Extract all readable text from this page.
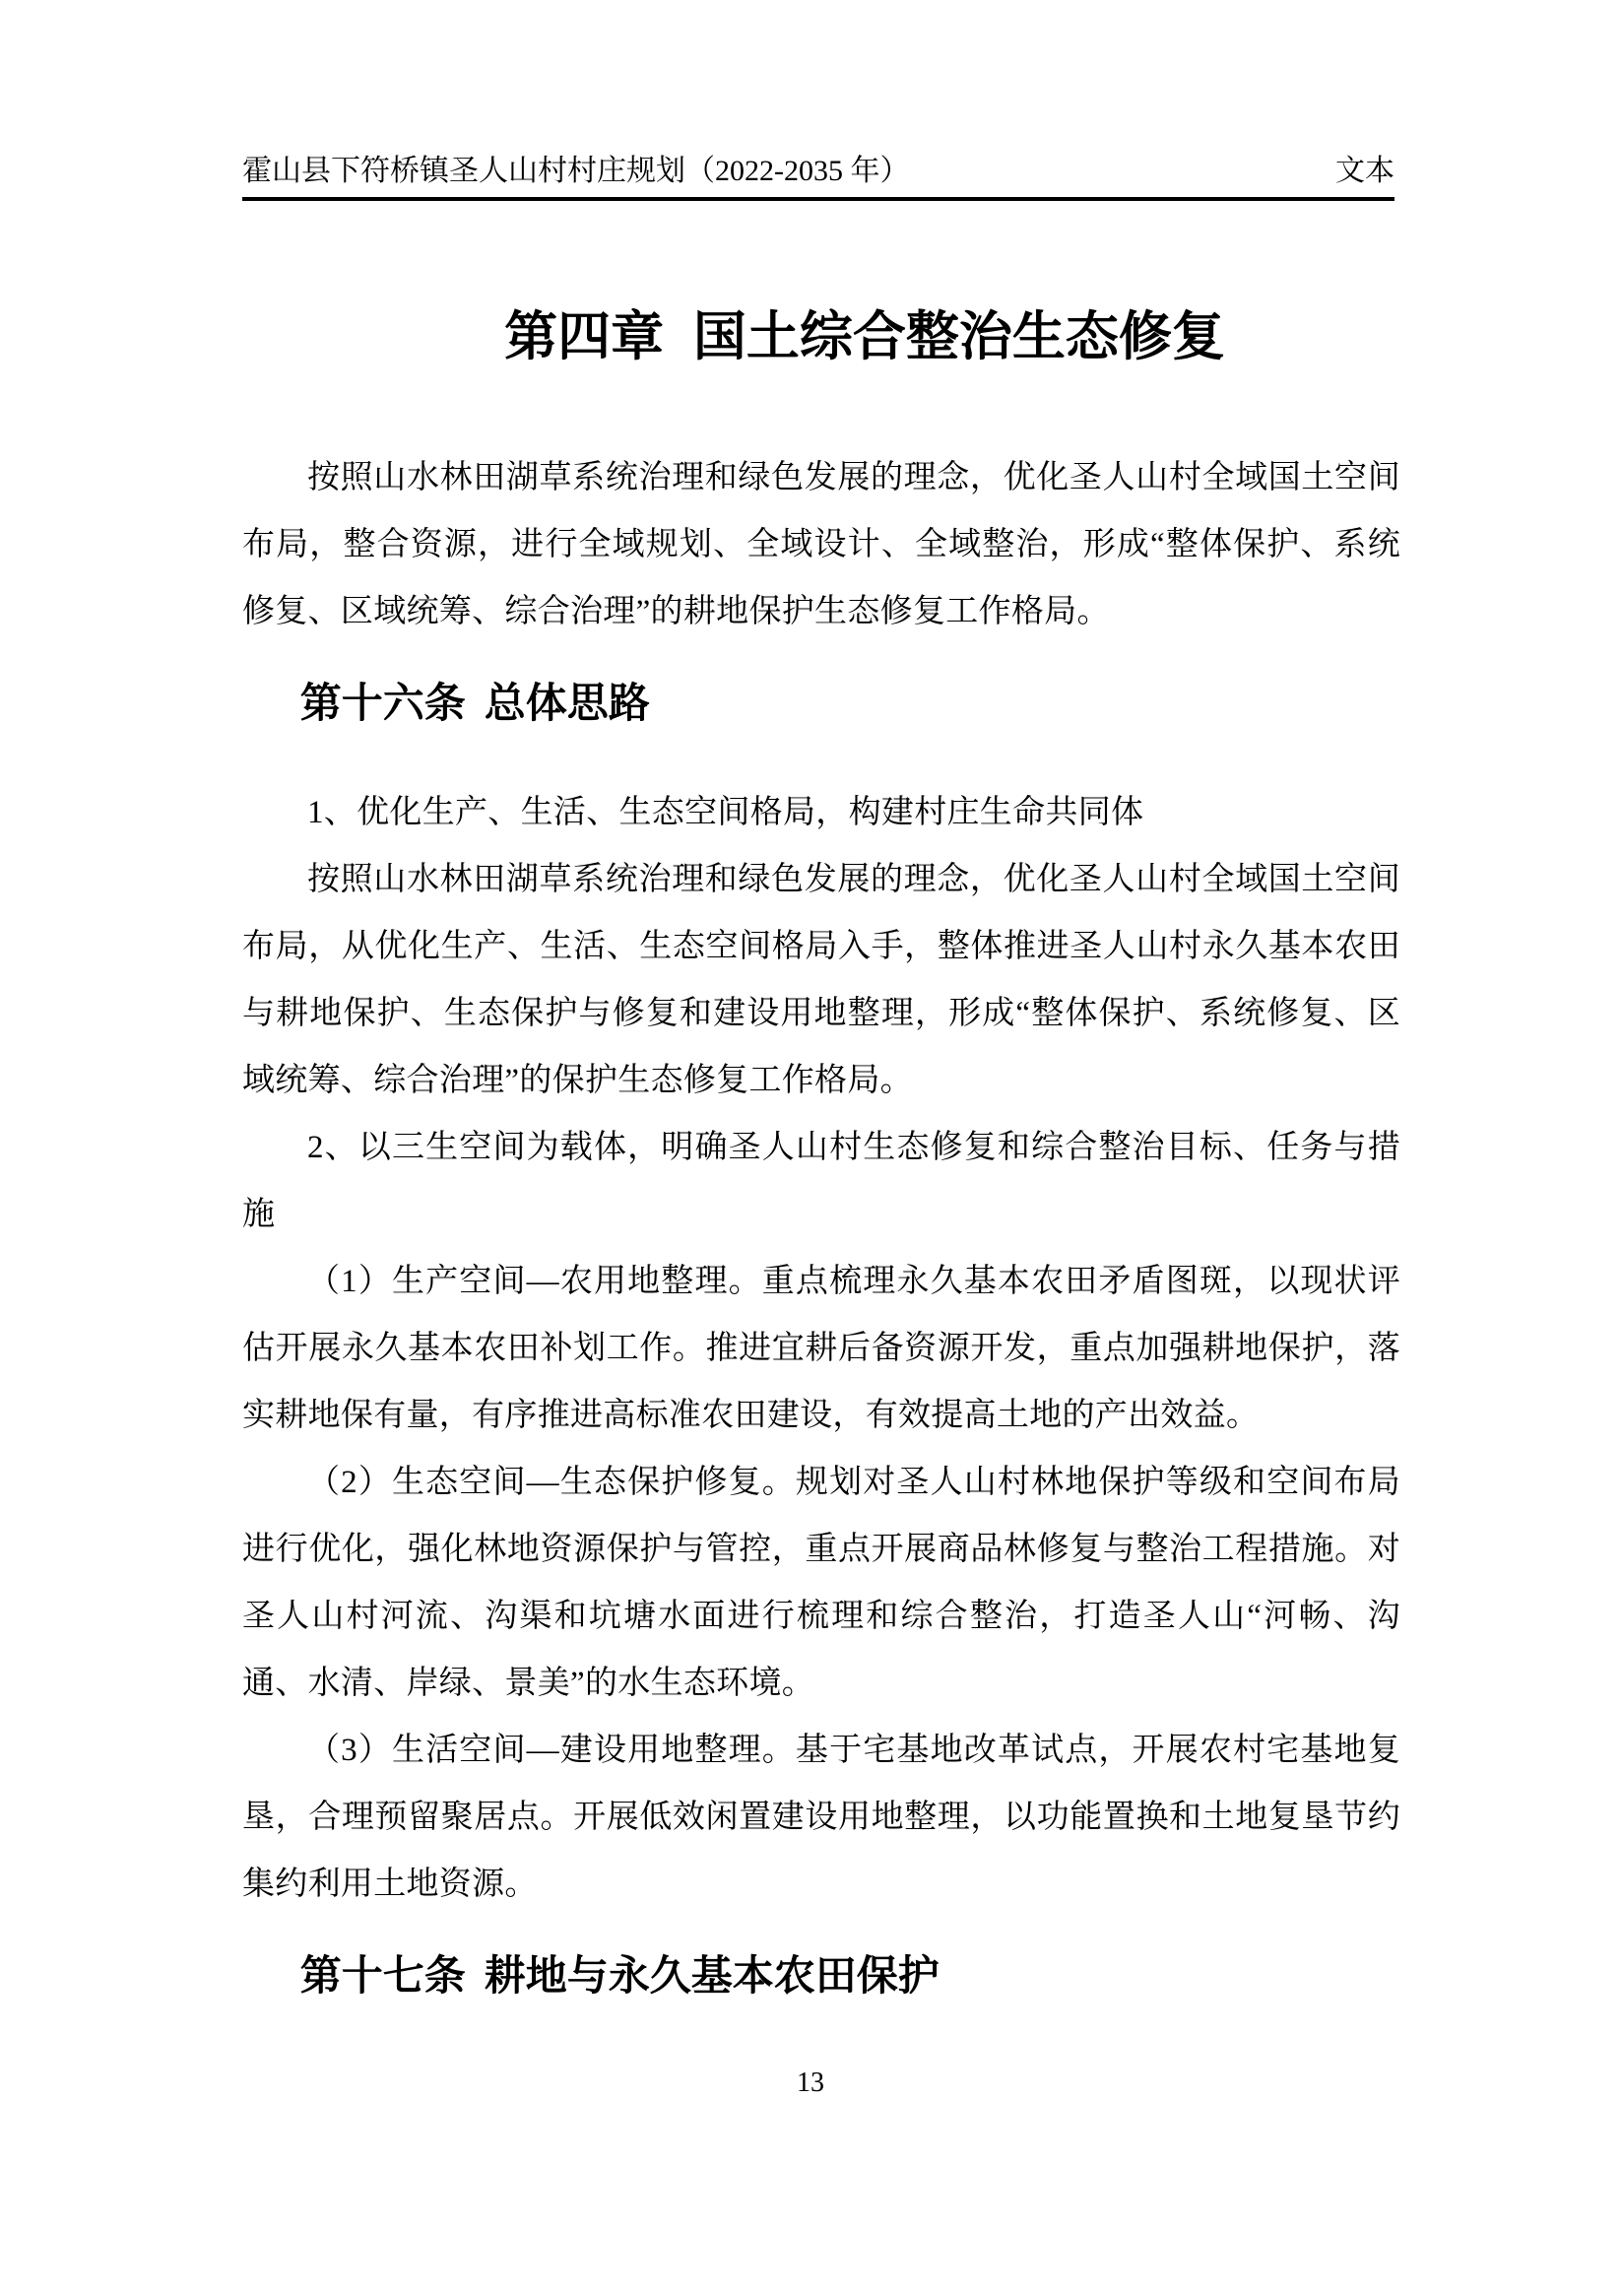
霍山县下符桥镇圣人山村村庄规划（2022-2035 年）	文本
第四章 国土综合整治生态修复

按照山水林田湖草系统治理和绿色发展的理念，优化圣人山村全域国土空间布局，整合资源，进行全域规划、全域设计、全域整治，形成“整体保护、系统修复、区域统筹、综合治理”的耕地保护生态修复工作格局。

第十六条 总体思路

1、优化生产、生活、生态空间格局，构建村庄生命共同体

按照山水林田湖草系统治理和绿色发展的理念，优化圣人山村全域国土空间布局，从优化生产、生活、生态空间格局入手，整体推进圣人山村永久基本农田与耕地保护、生态保护与修复和建设用地整理，形成“整体保护、系统修复、区域统筹、综合治理”的保护生态修复工作格局。

2、以三生空间为载体，明确圣人山村生态修复和综合整治目标、任务与措施

（1）生产空间—农用地整理。重点梳理永久基本农田矛盾图斑，以现状评估开展永久基本农田补划工作。推进宜耕后备资源开发，重点加强耕地保护，落实耕地保有量，有序推进高标准农田建设，有效提高土地的产出效益。

（2）生态空间—生态保护修复。规划对圣人山村林地保护等级和空间布局进行优化，强化林地资源保护与管控，重点开展商品林修复与整治工程措施。对圣人山村河流、沟渠和坑塘水面进行梳理和综合整治，打造圣人山“河畅、沟通、水清、岸绿、景美”的水生态环境。

（3）生活空间—建设用地整理。基于宅基地改革试点，开展农村宅基地复垦，合理预留聚居点。开展低效闲置建设用地整理，以功能置换和土地复垦节约集约利用土地资源。

第十七条 耕地与永久基本农田保护
13
